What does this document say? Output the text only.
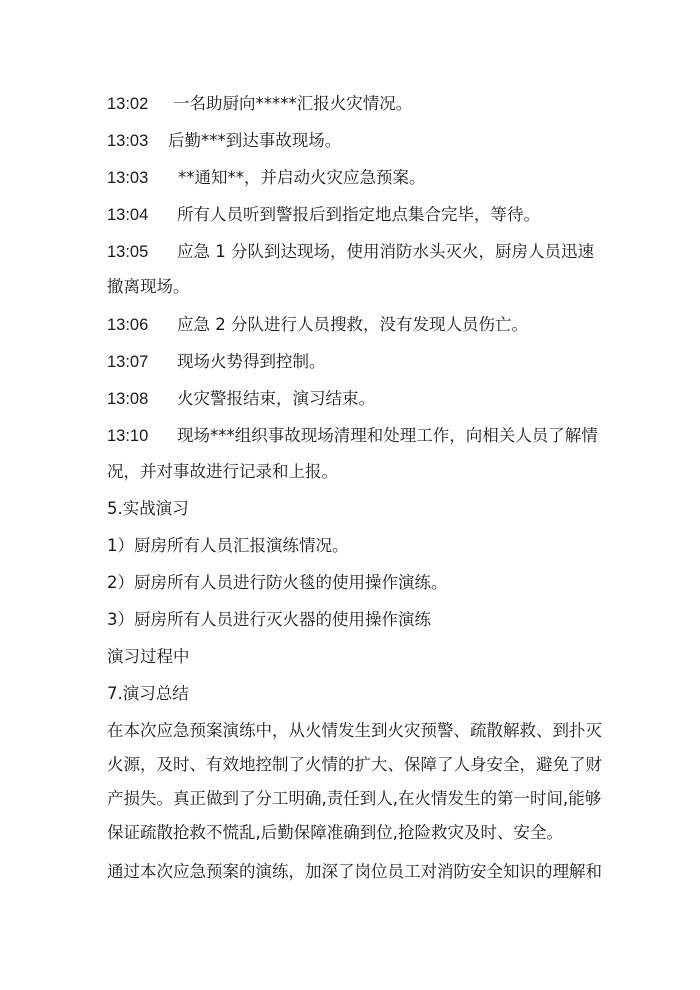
13:02 一名助厨向*****汇报火灾情况。
13:03 后勤***到达事故现场。
13:03 **通知**，并启动火灾应急预案。
13:04 所有人员听到警报后到指定地点集合完毕，等待。
13:05 应急 1 分队到达现场，使用消防水头灭火，厨房人员迅速
撤离现场。
13:06 应急 2 分队进行人员搜救，没有发现人员伤亡。
13:07 现场火势得到控制。
13:08 火灾警报结束，演习结束。
13:10 现场***组织事故现场清理和处理工作，向相关人员了解情
况，并对事故进行记录和上报。
5.实战演习
1）厨房所有人员汇报演练情况。
2）厨房所有人员进行防火毯的使用操作演练。
3）厨房所有人员进行灭火器的使用操作演练
演习过程中
7.演习总结
在本次应急预案演练中，从火情发生到火灾预警、疏散解救、到扑灭
火源，及时、有效地控制了火情的扩大、保障了人身安全，避免了财
产损失。真正做到了分工明确,责任到人,在火情发生的第一时间,能够
保证疏散抢救不慌乱,后勤保障准确到位,抢险救灾及时、安全。
通过本次应急预案的演练，加深了岗位员工对消防安全知识的理解和
